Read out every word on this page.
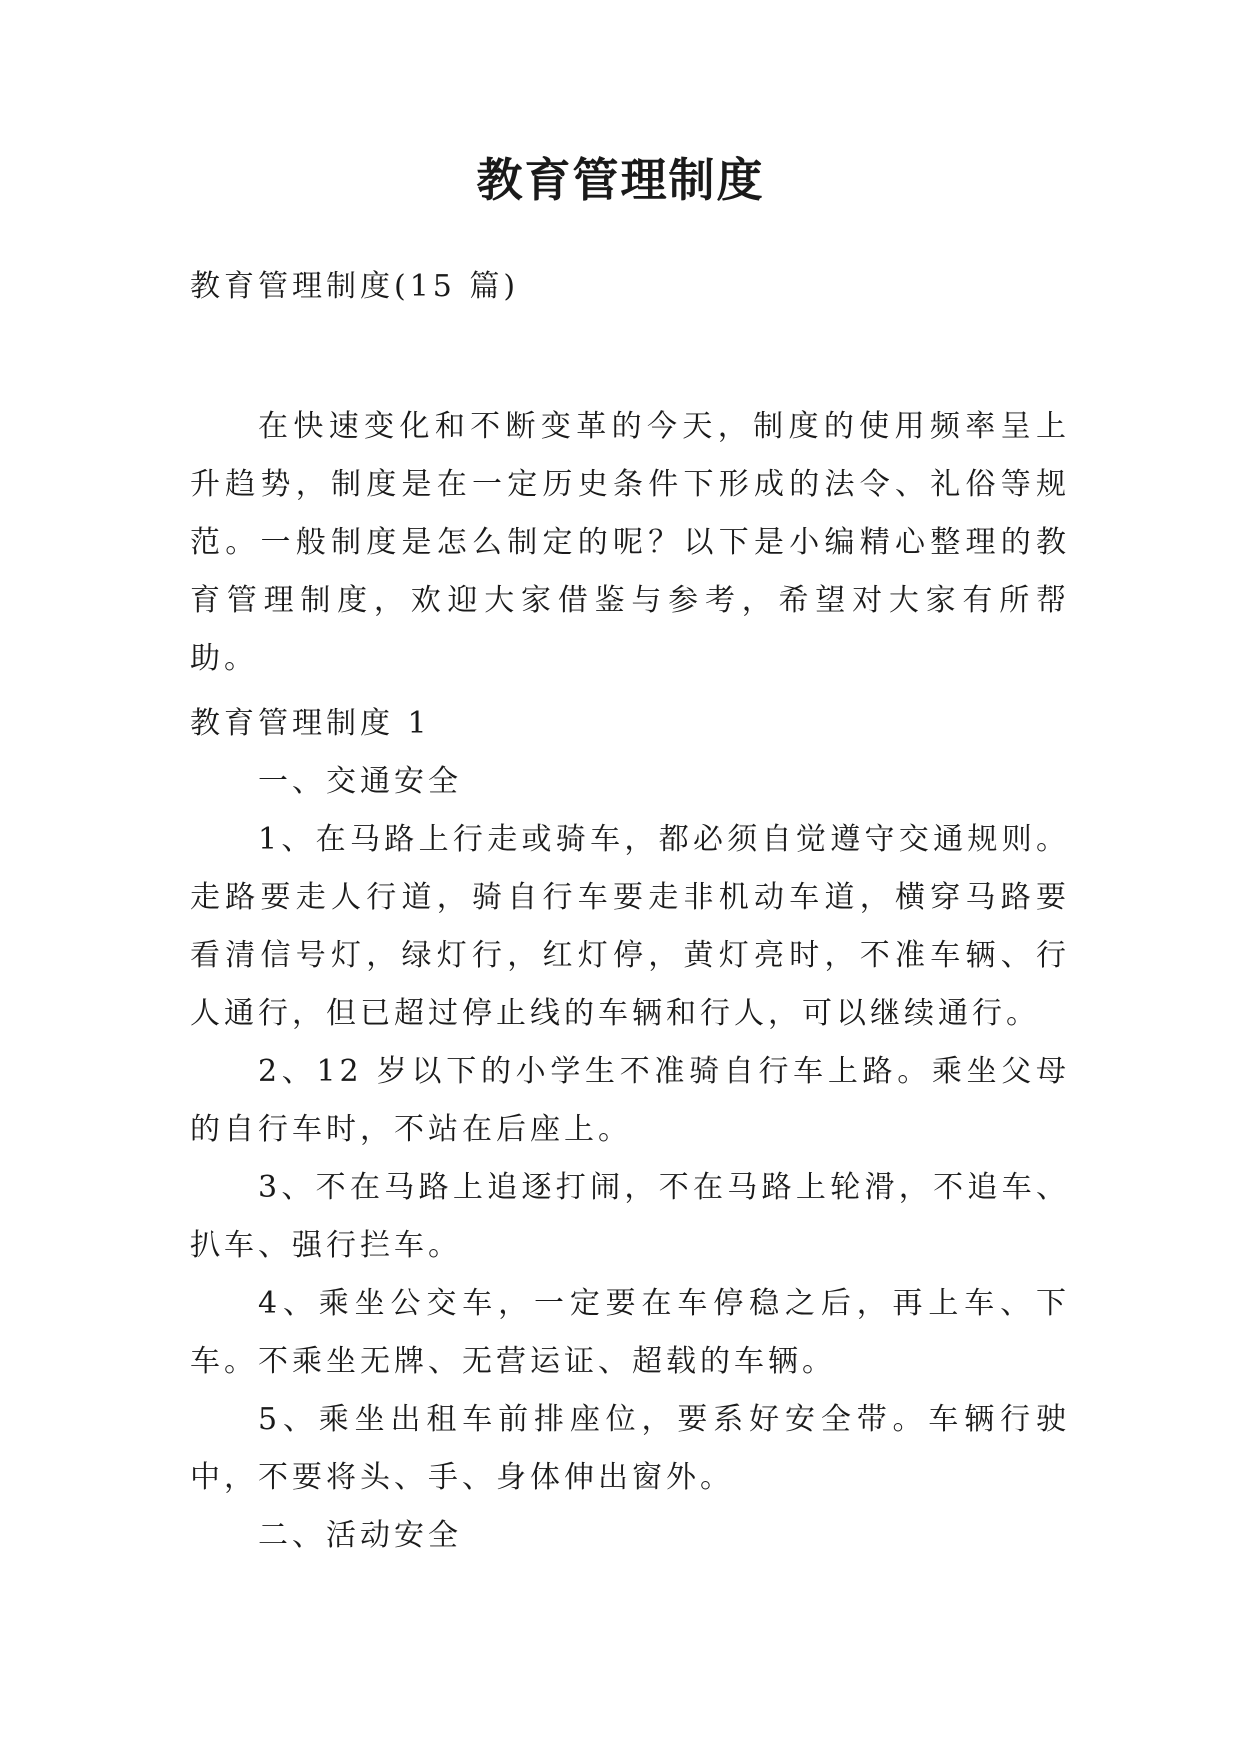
教育管理制度

教育管理制度(15 篇)

在快速变化和不断变革的今天，制度的使用频率呈上升趋势，制度是在一定历史条件下形成的法令、礼俗等规范。一般制度是怎么制定的呢？以下是小编精心整理的教育管理制度，欢迎大家借鉴与参考，希望对大家有所帮助。

教育管理制度 1

一、交通安全

1、在马路上行走或骑车，都必须自觉遵守交通规则。走路要走人行道，骑自行车要走非机动车道，横穿马路要看清信号灯，绿灯行，红灯停，黄灯亮时，不准车辆、行人通行，但已超过停止线的车辆和行人，可以继续通行。

2、12 岁以下的小学生不准骑自行车上路。乘坐父母的自行车时，不站在后座上。

3、不在马路上追逐打闹，不在马路上轮滑，不追车、扒车、强行拦车。

4、乘坐公交车，一定要在车停稳之后，再上车、下车。不乘坐无牌、无营运证、超载的车辆。

5、乘坐出租车前排座位，要系好安全带。车辆行驶中，不要将头、手、身体伸出窗外。

二、活动安全
